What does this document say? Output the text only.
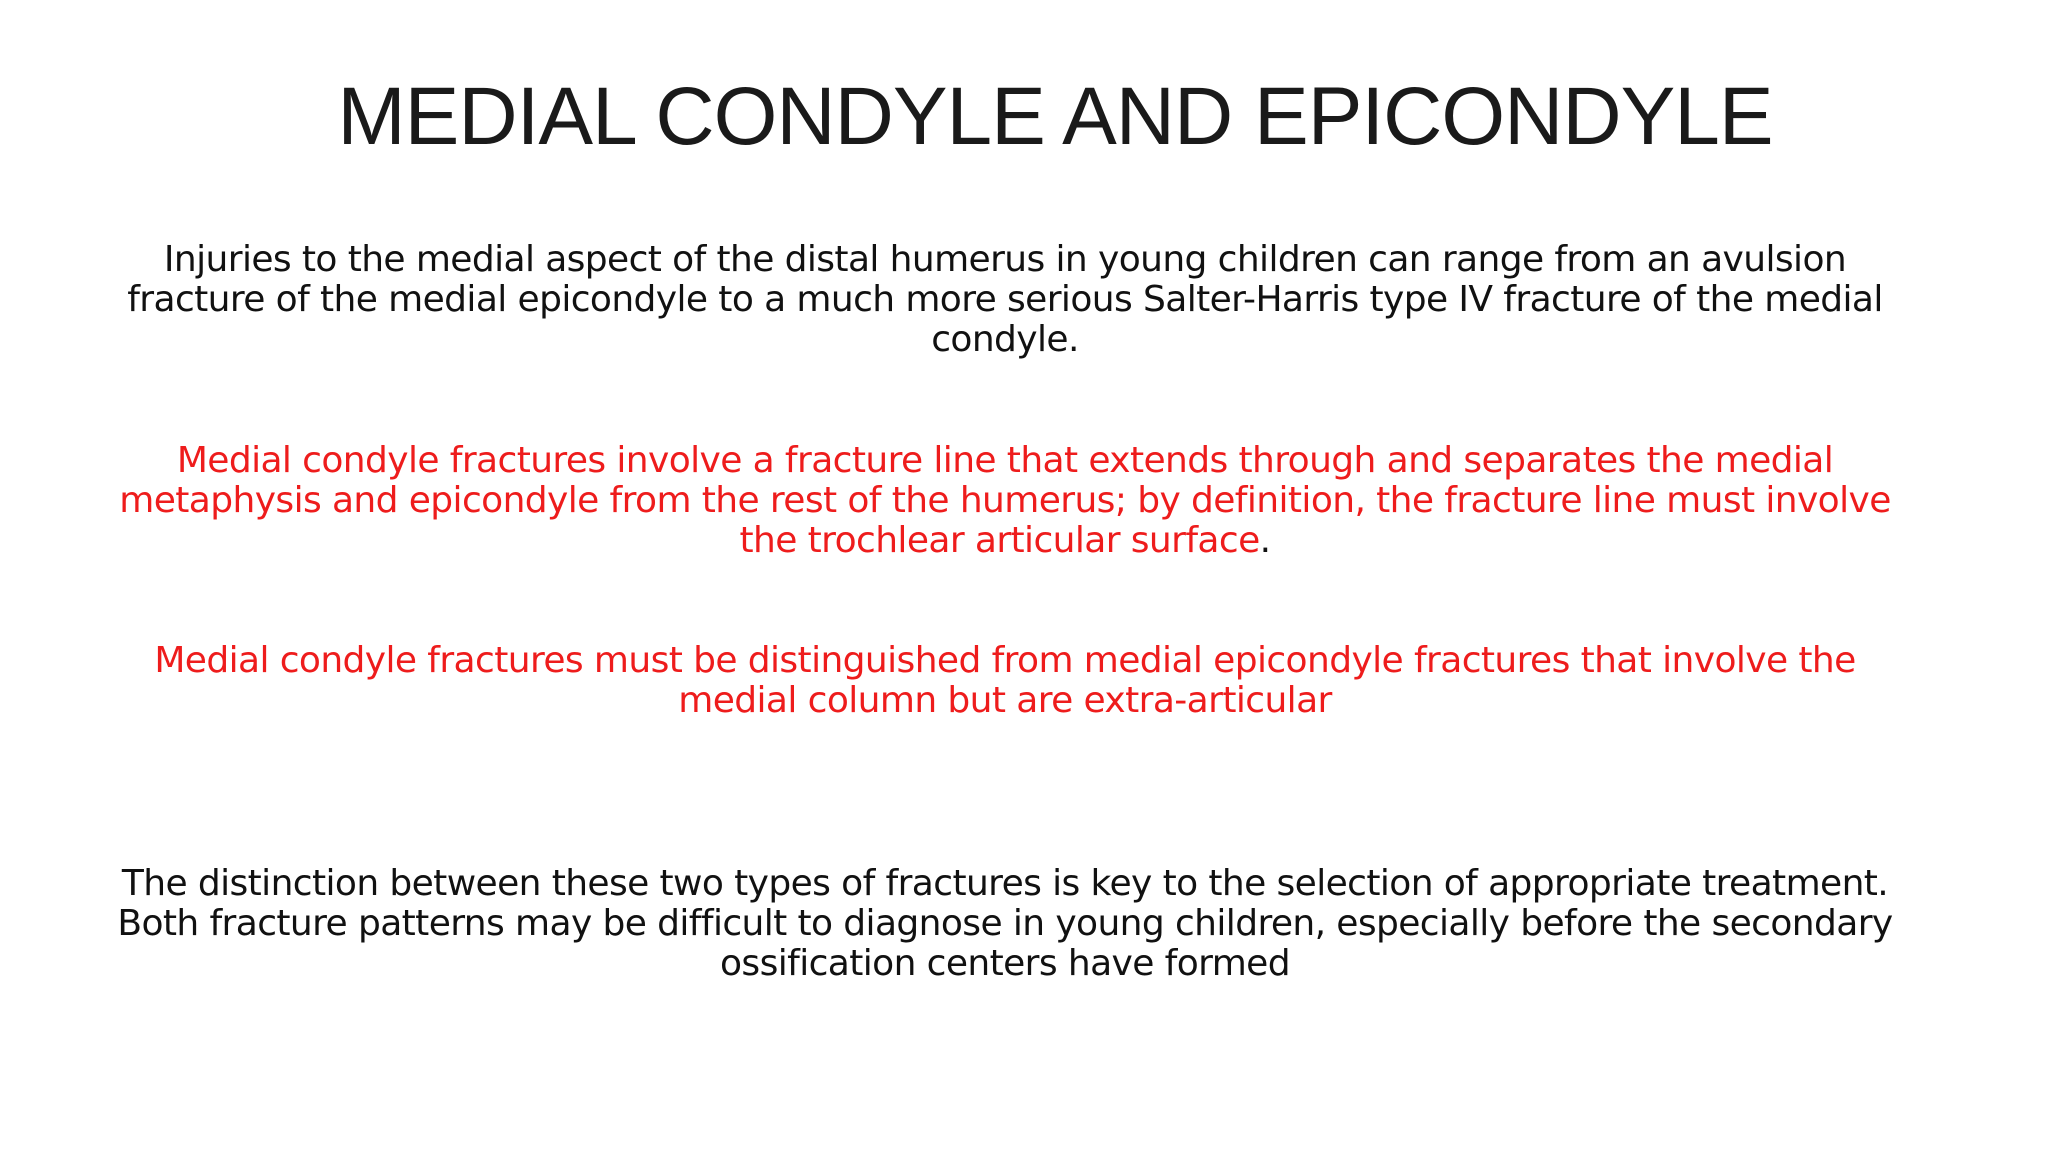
MEDIAL CONDYLE AND EPICONDYLE

Injuries to the medial aspect of the distal humerus in young children can range from an avulsion fracture of the medial epicondyle to a much more serious Salter-Harris type IV fracture of the medial condyle.

Medial condyle fractures involve a fracture line that extends through and separates the medial metaphysis and epicondyle from the rest of the humerus; by definition, the fracture line must involve the trochlear articular surface.

Medial condyle fractures must be distinguished from medial epicondyle fractures that involve the medial column but are extra-articular

The distinction between these two types of fractures is key to the selection of appropriate treatment. Both fracture patterns may be difficult to diagnose in young children, especially before the secondary ossification centers have formed
